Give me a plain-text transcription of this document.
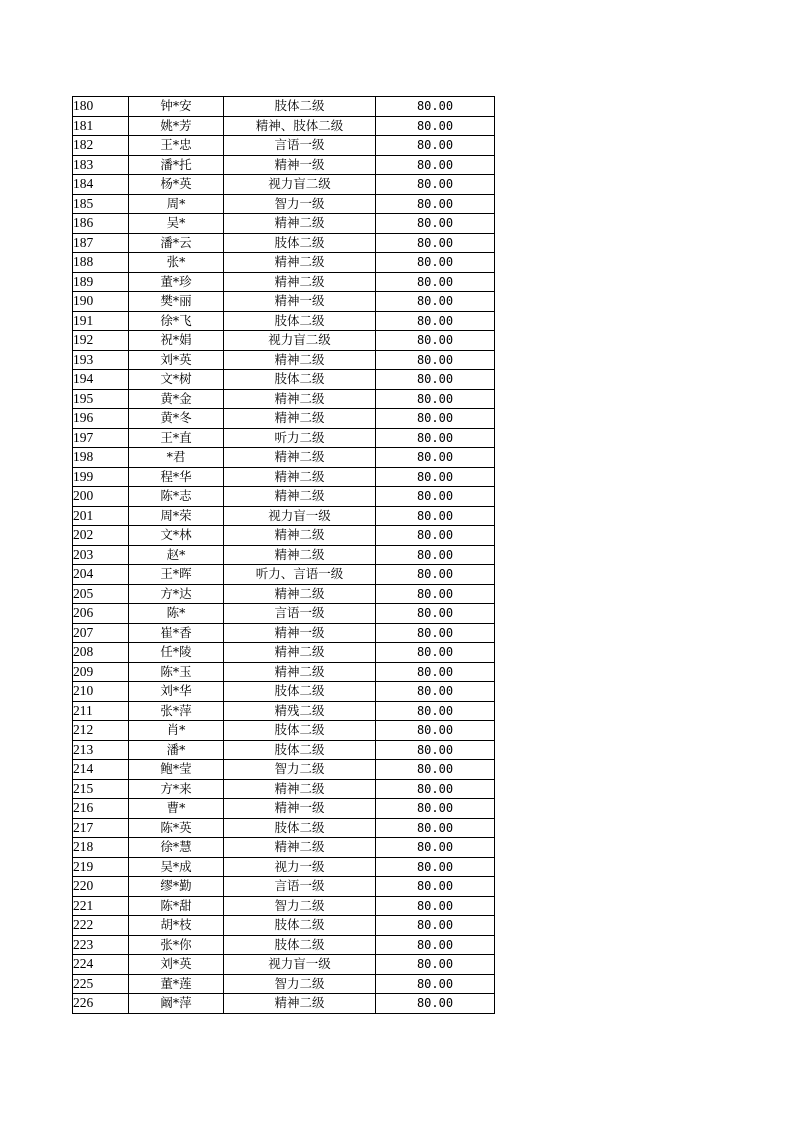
180	钟*安	肢体二级	80.00
181	姚*芳	精神、肢体二级	80.00
182	王*忠	言语一级	80.00
183	潘*托	精神一级	80.00
184	杨*英	视力盲二级	80.00
185	周*	智力一级	80.00
186	吴*	精神二级	80.00
187	潘*云	肢体二级	80.00
188	张*	精神二级	80.00
189	董*珍	精神二级	80.00
190	樊*丽	精神一级	80.00
191	徐*飞	肢体二级	80.00
192	祝*娟	视力盲二级	80.00
193	刘*英	精神二级	80.00
194	文*树	肢体二级	80.00
195	黄*金	精神二级	80.00
196	黄*冬	精神二级	80.00
197	王*直	听力二级	80.00
198	*君	精神二级	80.00
199	程*华	精神二级	80.00
200	陈*志	精神二级	80.00
201	周*荣	视力盲一级	80.00
202	文*林	精神二级	80.00
203	赵*	精神二级	80.00
204	王*晖	听力、言语一级	80.00
205	方*达	精神二级	80.00
206	陈*	言语一级	80.00
207	崔*香	精神一级	80.00
208	任*陵	精神二级	80.00
209	陈*玉	精神二级	80.00
210	刘*华	肢体二级	80.00
211	张*萍	精残二级	80.00
212	肖*	肢体二级	80.00
213	潘*	肢体二级	80.00
214	鲍*莹	智力二级	80.00
215	方*来	精神二级	80.00
216	曹*	精神一级	80.00
217	陈*英	肢体二级	80.00
218	徐*慧	精神二级	80.00
219	吴*成	视力一级	80.00
220	缪*勤	言语一级	80.00
221	陈*甜	智力二级	80.00
222	胡*枝	肢体二级	80.00
223	张*你	肢体二级	80.00
224	刘*英	视力盲一级	80.00
225	董*莲	智力二级	80.00
226	阚*萍	精神二级	80.00
